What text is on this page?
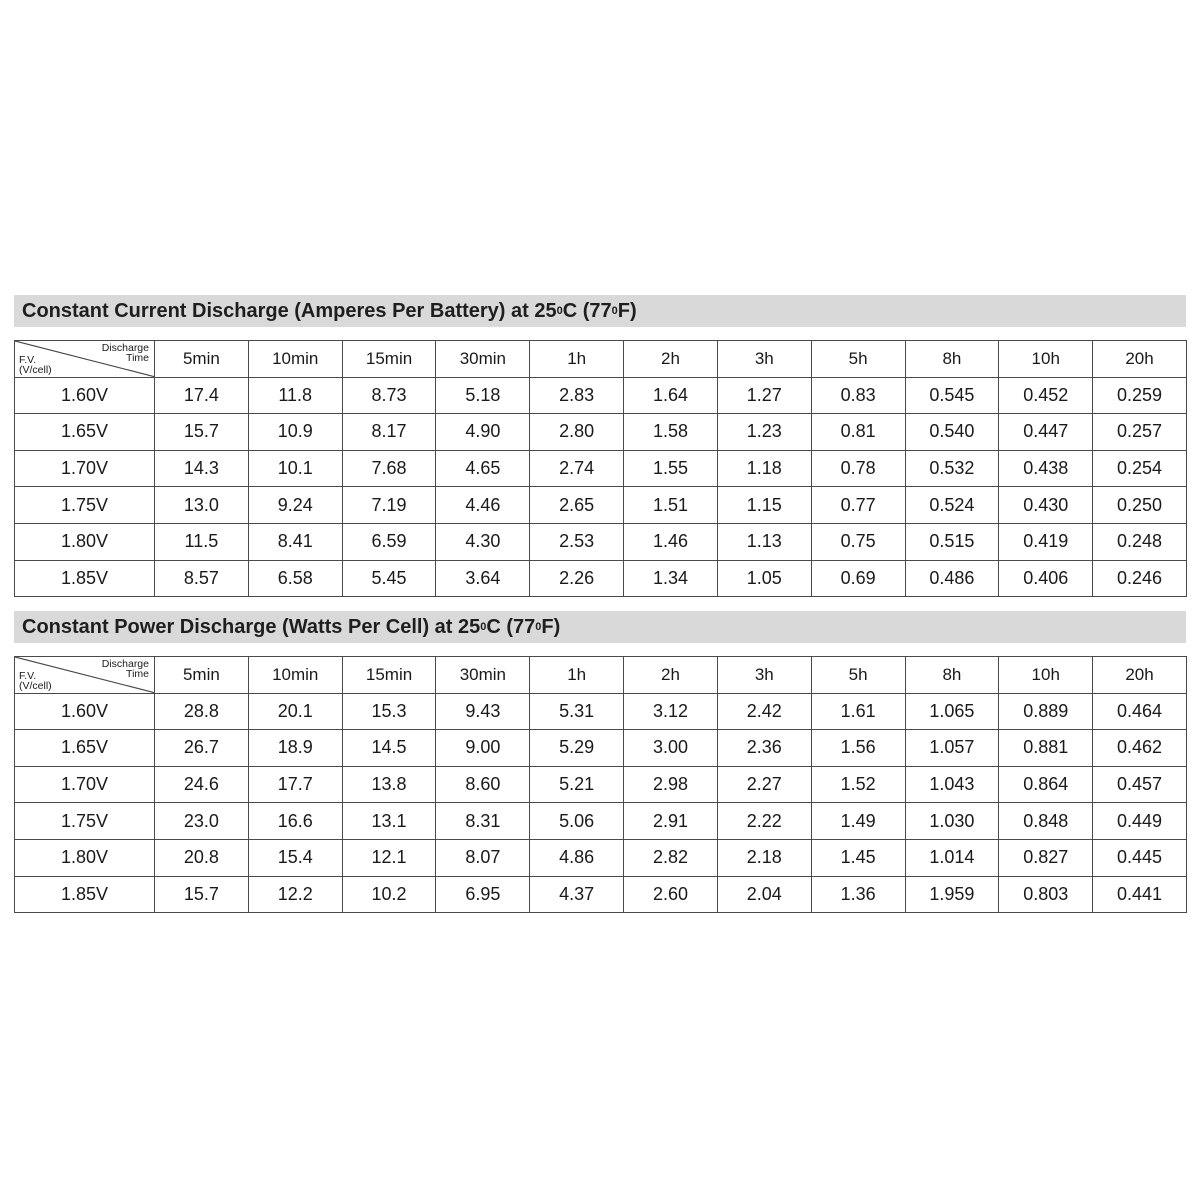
Constant Current Discharge (Amperes Per Battery) at 25 0 C (77 0 F)
Discharge
Time
F.V.
(V/cell)	5min	10min	15min	30min	1h	2h	3h	5h	8h	10h	20h
1.60V	17.4	11.8	8.73	5.18	2.83	1.64	1.27	0.83	0.545	0.452	0.259
1.65V	15.7	10.9	8.17	4.90	2.80	1.58	1.23	0.81	0.540	0.447	0.257
1.70V	14.3	10.1	7.68	4.65	2.74	1.55	1.18	0.78	0.532	0.438	0.254
1.75V	13.0	9.24	7.19	4.46	2.65	1.51	1.15	0.77	0.524	0.430	0.250
1.80V	11.5	8.41	6.59	4.30	2.53	1.46	1.13	0.75	0.515	0.419	0.248
1.85V	8.57	6.58	5.45	3.64	2.26	1.34	1.05	0.69	0.486	0.406	0.246
Constant Power Discharge (Watts Per Cell) at 25 0 C (77 0 F)
Discharge
Time
F.V.
(V/cell)	5min	10min	15min	30min	1h	2h	3h	5h	8h	10h	20h
1.60V	28.8	20.1	15.3	9.43	5.31	3.12	2.42	1.61	1.065	0.889	0.464
1.65V	26.7	18.9	14.5	9.00	5.29	3.00	2.36	1.56	1.057	0.881	0.462
1.70V	24.6	17.7	13.8	8.60	5.21	2.98	2.27	1.52	1.043	0.864	0.457
1.75V	23.0	16.6	13.1	8.31	5.06	2.91	2.22	1.49	1.030	0.848	0.449
1.80V	20.8	15.4	12.1	8.07	4.86	2.82	2.18	1.45	1.014	0.827	0.445
1.85V	15.7	12.2	10.2	6.95	4.37	2.60	2.04	1.36	1.959	0.803	0.441
